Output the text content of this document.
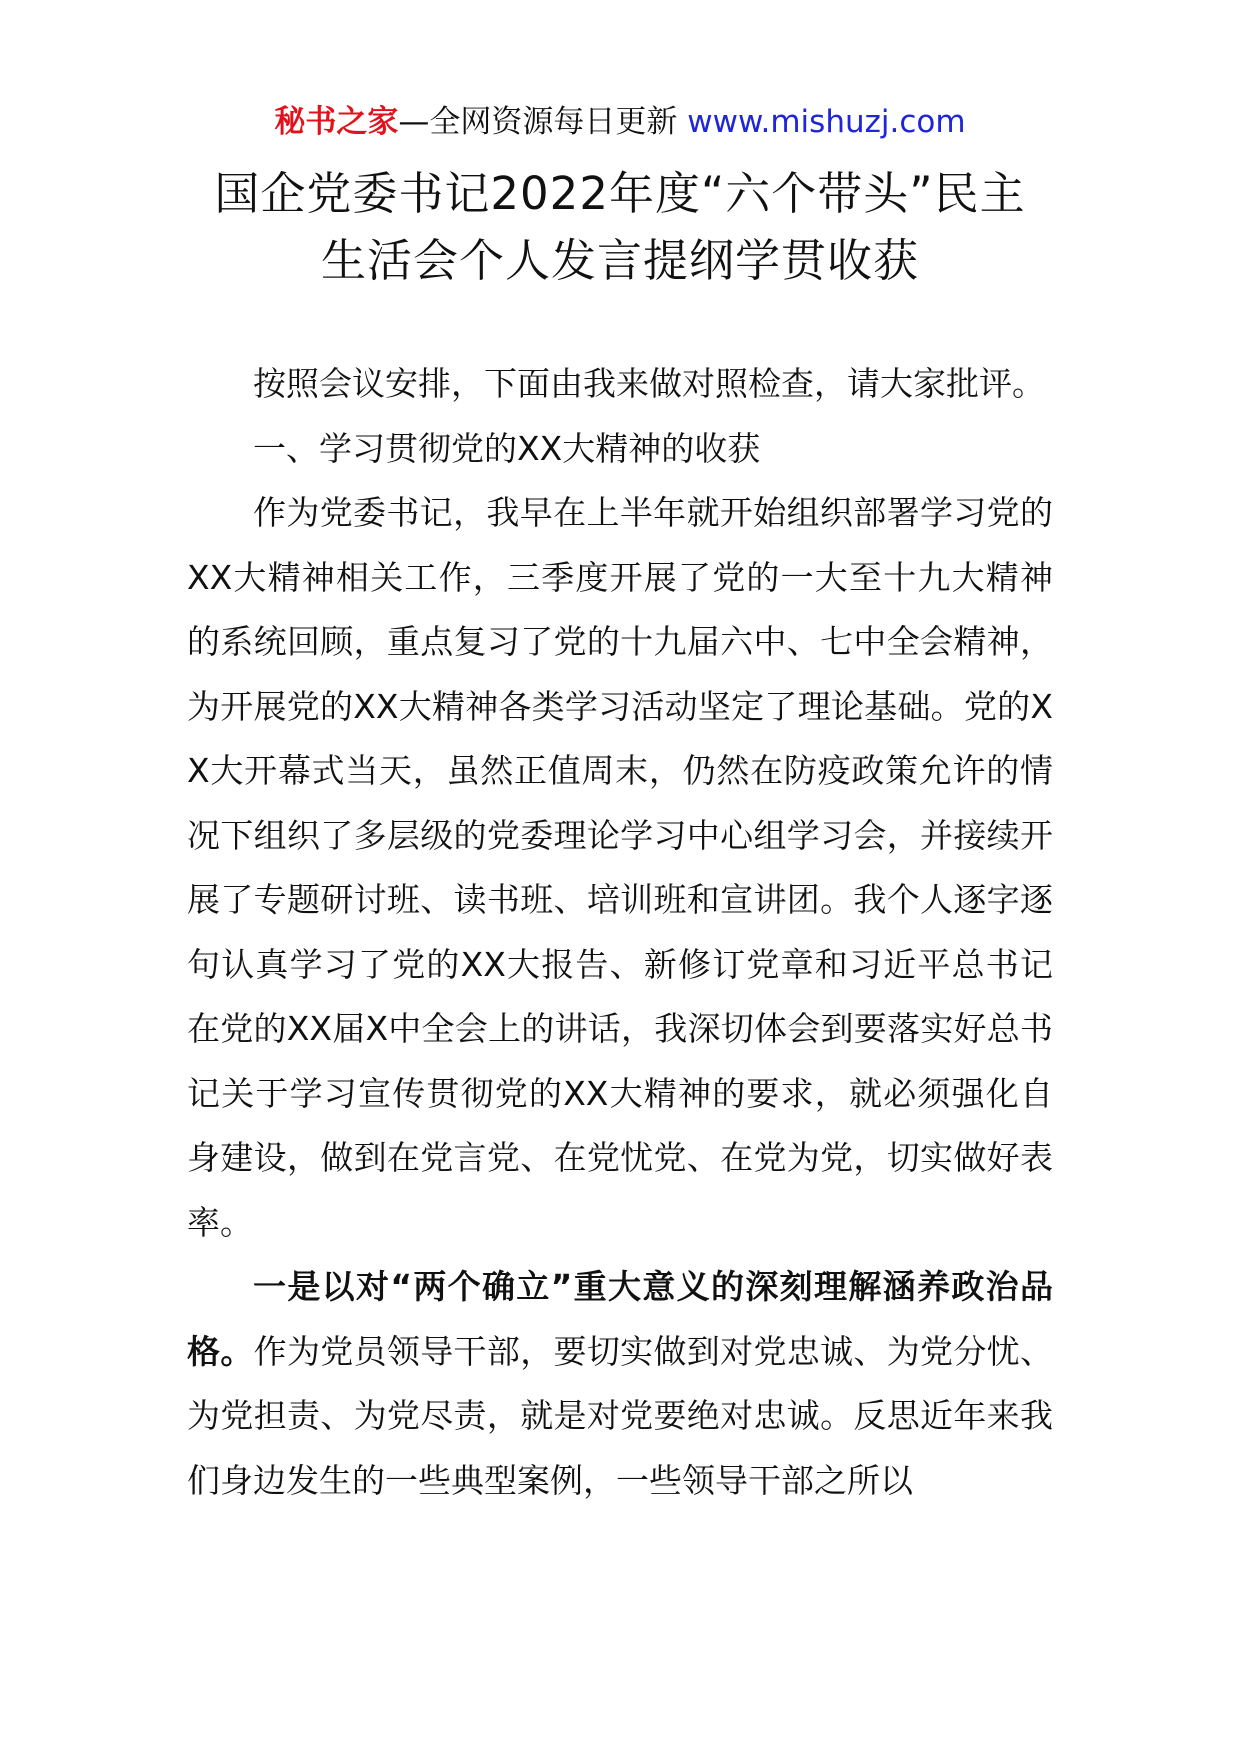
秘书之家—全网资源每日更新 www.mishuzj.com
国企党委书记2022年度“六个带头”民主
生活会个人发言提纲学贯收获

按照会议安排，下面由我来做对照检查，请大家批评。

一、学习贯彻党的XX大精神的收获

作为党委书记，我早在上半年就开始组织部署学习党的XX大精神相关工作，三季度开展了党的一大至十九大精神的系统回顾，重点复习了党的十九届六中、七中全会精神，为开展党的XX大精神各类学习活动坚定了理论基础。党的XX大开幕式当天，虽然正值周末，仍然在防疫政策允许的情况下组织了多层级的党委理论学习中心组学习会，并接续开展了专题研讨班、读书班、培训班和宣讲团。我个人逐字逐句认真学习了党的XX大报告、新修订党章和习近平总书记在党的XX届X中全会上的讲话，我深切体会到要落实好总书记关于学习宣传贯彻党的XX大精神的要求，就必须强化自身建设，做到在党言党、在党忧党、在党为党，切实做好表率。

一是以对“两个确立”重大意义的深刻理解涵养政治品格。作为党员领导干部，要切实做到对党忠诚、为党分忧、为党担责、为党尽责，就是对党要绝对忠诚。反思近年来我们身边发生的一些典型案例，一些领导干部之所以
